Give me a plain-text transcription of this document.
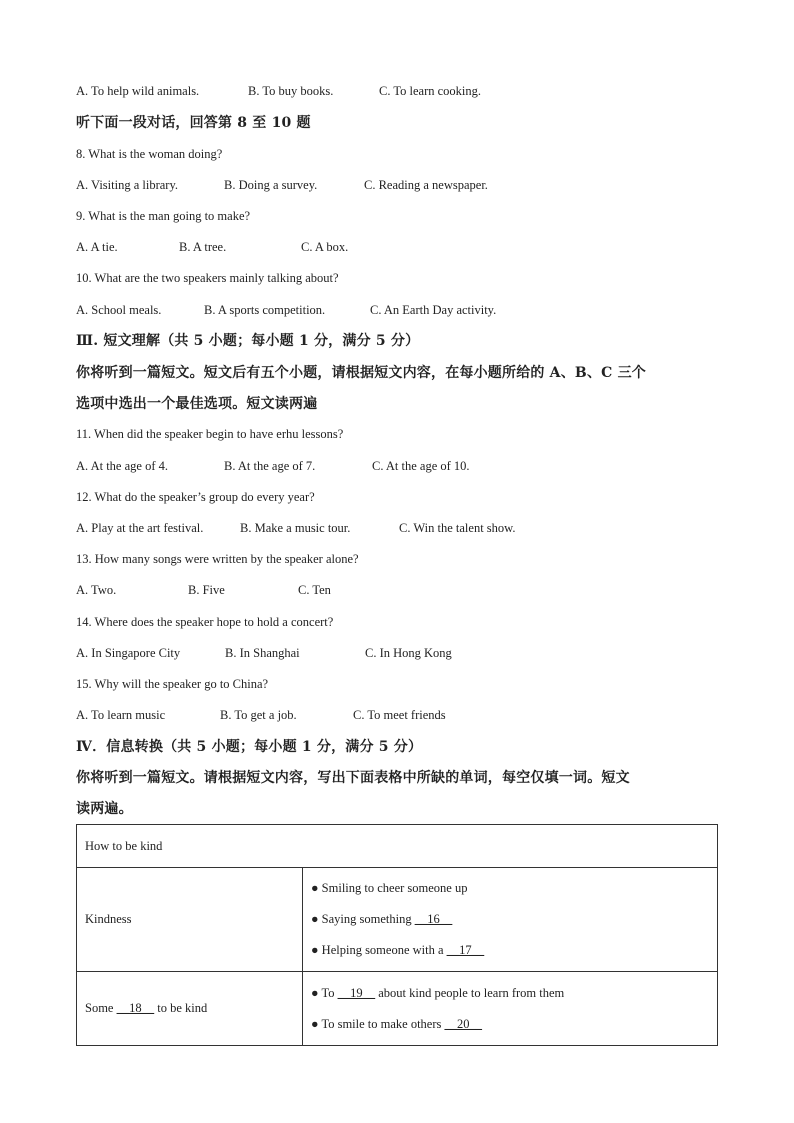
A. To help wild animals.	B. To buy books.	C. To learn cooking.
听下面一段对话，回答第 8 至 10 题
8. What is the woman doing?
A. Visiting a library.	B. Doing a survey.	C. Reading a newspaper.
9. What is the man going to make?
A. A tie.	B. A tree.	C. A box.
10. What are the two speakers mainly talking about?
A. School meals.	B. A sports competition.	C. An Earth Day activity.
Ⅲ. 短文理解（共 5 小题；每小题 1 分，满分 5 分）
你将听到一篇短文。短文后有五个小题，请根据短文内容，在每小题所给的 A、B、C 三个
选项中选出一个最佳选项。短文读两遍
11. When did the speaker begin to have erhu lessons?
A. At the age of 4.	B. At the age of 7.	C. At the age of 10.
12. What do the speaker’s group do every year?
A. Play at the art festival.	B. Make a music tour.	C. Win the talent show.
13. How many songs were written by the speaker alone?
A. Two.	B. Five	C. Ten
14. Where does the speaker hope to hold a concert?
A. In Singapore City	B. In Shanghai	C. In Hong Kong
15. Why will the speaker go to China?
A. To learn music	B. To get a job.	C. To meet friends
Ⅳ．信息转换（共 5 小题；每小题 1 分，满分 5 分）
你将听到一篇短文。请根据短文内容，写出下面表格中所缺的单词，每空仅填一词。短文
读两遍。
How to be kind	
Kindness	● Smiling to cheer someone up
● Saying something __16__
● Helping someone with a __17__

Some __18__ to be kind	● To __19__ about kind people to learn from them
● To smile to make others __20__
